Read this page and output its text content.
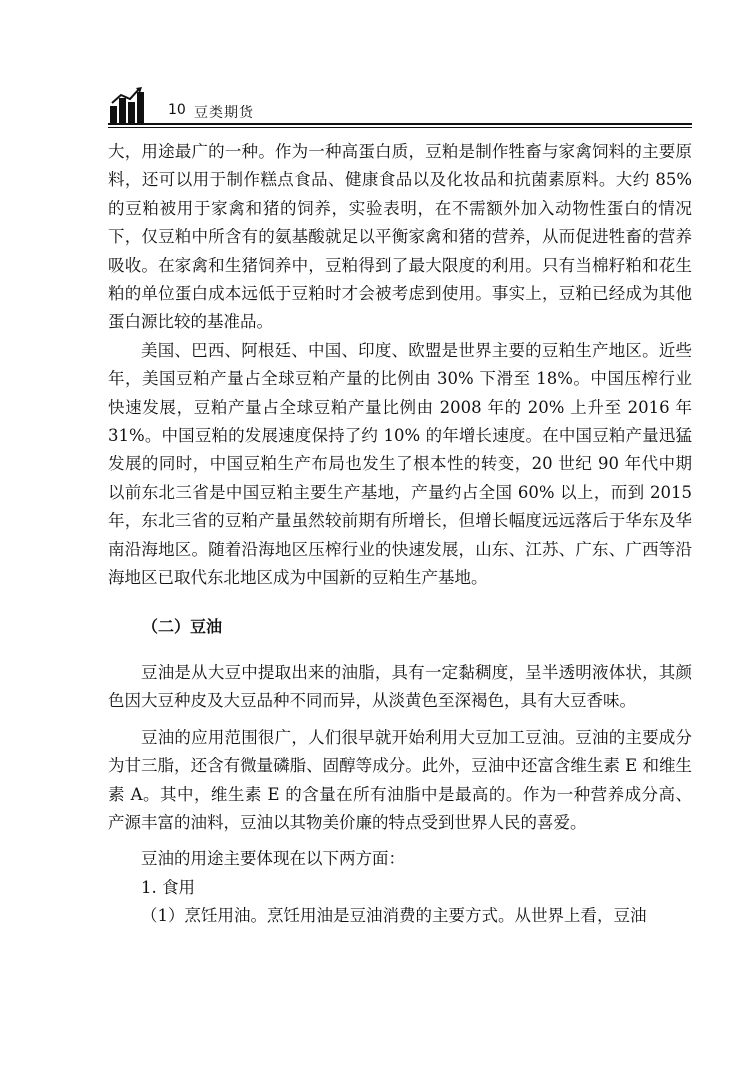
10 豆类期货

大，用途最广的一种。作为一种高蛋白质，豆粕是制作牲畜与家禽饲料的主要原料，还可以用于制作糕点食品、健康食品以及化妆品和抗菌素原料。大约 85% 的豆粕被用于家禽和猪的饲养，实验表明，在不需额外加入动物性蛋白的情况下，仅豆粕中所含有的氨基酸就足以平衡家禽和猪的营养，从而促进牲畜的营养吸收。在家禽和生猪饲养中，豆粕得到了最大限度的利用。只有当棉籽粕和花生粕的单位蛋白成本远低于豆粕时才会被考虑到使用。事实上，豆粕已经成为其他蛋白源比较的基准品。

美国、巴西、阿根廷、中国、印度、欧盟是世界主要的豆粕生产地区。近些年，美国豆粕产量占全球豆粕产量的比例由 30% 下滑至 18%。中国压榨行业快速发展，豆粕产量占全球豆粕产量比例由 2008 年的 20% 上升至 2016 年 31%。中国豆粕的发展速度保持了约 10% 的年增长速度。在中国豆粕产量迅猛发展的同时，中国豆粕生产布局也发生了根本性的转变，20 世纪 90 年代中期以前东北三省是中国豆粕主要生产基地，产量约占全国 60% 以上，而到 2015 年，东北三省的豆粕产量虽然较前期有所增长，但增长幅度远远落后于华东及华南沿海地区。随着沿海地区压榨行业的快速发展，山东、江苏、广东、广西等沿海地区已取代东北地区成为中国新的豆粕生产基地。

（二）豆油

豆油是从大豆中提取出来的油脂，具有一定黏稠度，呈半透明液体状，其颜色因大豆种皮及大豆品种不同而异，从淡黄色至深褐色，具有大豆香味。

豆油的应用范围很广，人们很早就开始利用大豆加工豆油。豆油的主要成分为甘三脂，还含有微量磷脂、固醇等成分。此外，豆油中还富含维生素 E 和维生素 A。其中，维生素 E 的含量在所有油脂中是最高的。作为一种营养成分高、产源丰富的油料，豆油以其物美价廉的特点受到世界人民的喜爱。

豆油的用途主要体现在以下两方面：

1. 食用

（1）烹饪用油。烹饪用油是豆油消费的主要方式。从世界上看，豆油
